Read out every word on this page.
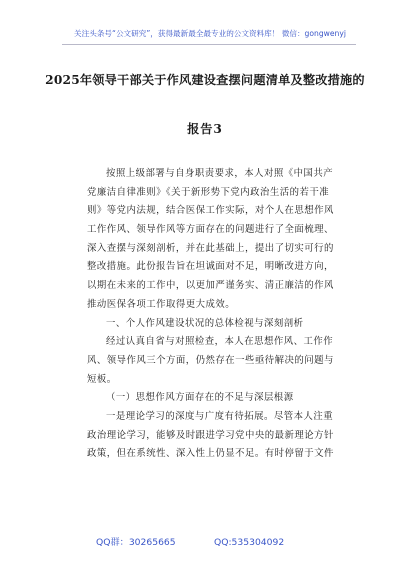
关注头条号“公文研究”，获得最新最全最专业的公文资料库！ 微信：gongwenyj
2025年领导干部关于作风建设查摆问题清单及整改措施的
报告3
按照上级部署与自身职责要求，本人对照《中国共产
党廉洁自律准则》《关于新形势下党内政治生活的若干准
则》等党内法规，结合医保工作实际，对个人在思想作风
工作作风、领导作风等方面存在的问题进行了全面梳理、
深入查摆与深刻剖析，并在此基础上，提出了切实可行的
整改措施。此份报告旨在坦诚面对不足，明晰改进方向，
以期在未来的工作中，以更加严谨务实、清正廉洁的作风
推动医保各项工作取得更大成效。
一、个人作风建设状况的总体检视与深刻剖析
经过认真自省与对照检查，本人在思想作风、工作作
风、领导作风三个方面，仍然存在一些亟待解决的问题与
短板。
（一）思想作风方面存在的不足与深层根源
一是理论学习的深度与广度有待拓展。尽管本人注重
政治理论学习，能够及时跟进学习党中央的最新理论方针
政策，但在系统性、深入性上仍显不足。有时停留于文件
QQ群：30265665	QQ:535304092
